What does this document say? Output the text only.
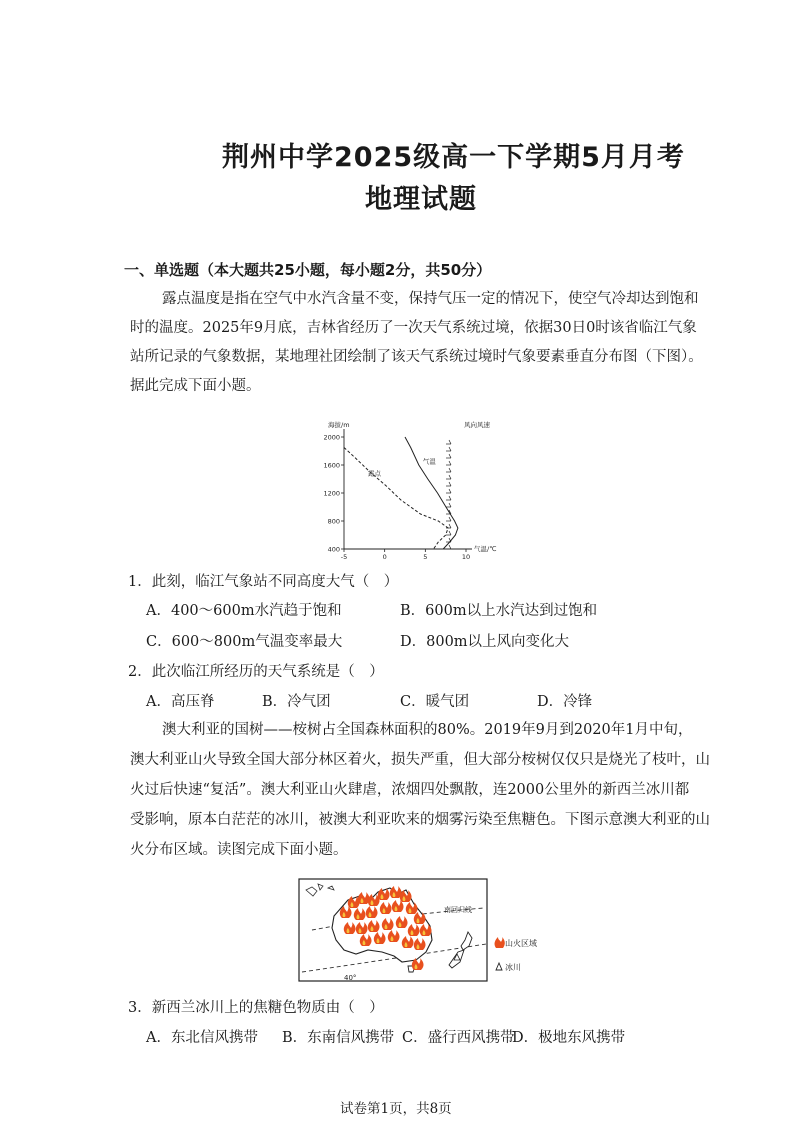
荆州中学2025级高一下学期5月月考
地理试题
一、单选题（本大题共25小题，每小题2分，共50分）
露点温度是指在空气中水汽含量不变，保持气压一定的情况下，使空气冷却达到饱和
时的温度。2025年9月底，吉林省经历了一次天气系统过境，依据30日0时该省临江气象
站所记录的气象数据，某地理社团绘制了该天气系统过境时气象要素垂直分布图（下图）。
据此完成下面小题。
400
800
1200
1600
2000
-5	0	5	10
海拔/m
气温/℃
风向风速
气温
露点
1．此刻，临江气象站不同高度大气（　）
A．400～600m水汽趋于饱和	B．600m以上水汽达到过饱和
C．600～800m气温变率最大	D．800m以上风向变化大
2．此次临江所经历的天气系统是（　）
A．高压脊	B．冷气团	C．暖气团	D．冷锋
澳大利亚的国树——桉树占全国森林面积的80%。2019年9月到2020年1月中旬，
澳大利亚山火导致全国大部分林区着火，损失严重，但大部分桉树仅仅只是烧光了枝叶，山
火过后快速“复活”。澳大利亚山火肆虐，浓烟四处飘散，连2000公里外的新西兰冰川都
受影响，原本白茫茫的冰川，被澳大利亚吹来的烟雾污染至焦糖色。下图示意澳大利亚的山
火分布区域。读图完成下面小题。
南回归线
40°
山火区域
冰川
3．新西兰冰川上的焦糖色物质由（　）
A．东北信风携带 B．东南信风携带 C．盛行西风携带
D．极地东风携带
试卷第1页，共8页
